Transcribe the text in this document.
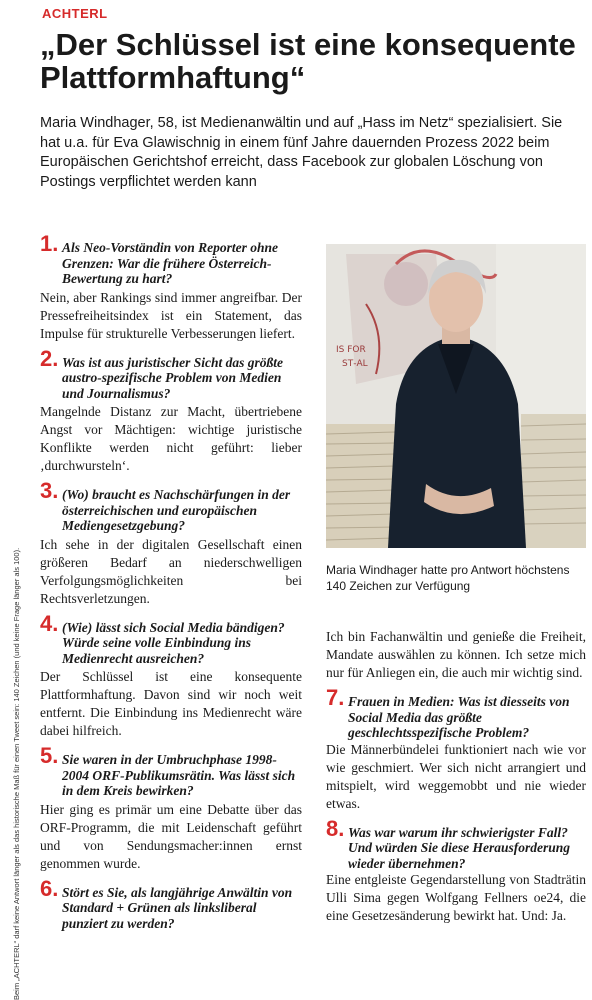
ACHTERL
„Der Schlüssel ist eine konsequente Plattformhaftung“

Maria Windhager, 58, ist Medienanwältin und auf „Hass im Netz“ spezialisiert. Sie hat u.a. für Eva Glawischnig in einem fünf Jahre dauernden Prozess 2022 beim Europäischen Gerichtshof erreicht, dass Facebook zur globalen Löschung von Postings verpflichtet werden kann

Beim „ACHTERL“ darf keine Antwort länger als das historische Maß für einen Tweet sein: 140 Zeichen (und keine Frage länger als 100).

1. Als Neo-Vorständin von Reporter ohne Grenzen: War die frühere Österreich-Bewertung zu hart?

Nein, aber Rankings sind immer angreifbar. Der Pressefreiheitsindex ist ein Statement, das Impulse für strukturelle Verbesserungen liefert.

2. Was ist aus juristischer Sicht das größte austro-spezifische Problem von Medien und Journalismus?

Mangelnde Distanz zur Macht, übertriebene Angst vor Mächtigen: wichtige juristische Konflikte werden nicht geführt: lieber ‚durchwursteln‘.

3. (Wo) braucht es Nachschärfungen in der österreichischen und europäischen Mediengesetzgebung?

Ich sehe in der digitalen Gesellschaft einen größeren Bedarf an niederschwelligen Verfolgungsmöglichkeiten bei Rechtsverletzungen.

4. (Wie) lässt sich Social Media bändigen? Würde seine volle Einbindung ins Medienrecht ausreichen?

Der Schlüssel ist eine konsequente Plattformhaftung. Davon sind wir noch weit entfernt. Die Einbindung ins Medienrecht wäre dabei hilfreich.

5. Sie waren in der Umbruchphase 1998-2004 ORF-Publikumsrätin. Was lässt sich in dem Kreis bewirken?

Hier ging es primär um eine Debatte über das ORF-Programm, die mit Leidenschaft geführt und von Sendungsmacher:innen ernst genommen wurde.

6. Stört es Sie, als langjährige Anwältin von Standard + Grünen als linksliberal punziert zu werden?

IS FOR
ST‑AL
Maria Windhager hatte pro Antwort höchstens 140 Zeichen zur Verfügung

Ich bin Fachanwältin und genieße die Freiheit, Mandate auswählen zu können. Ich setze mich nur für Anliegen ein, die auch mir wichtig sind.

7. Frauen in Medien: Was ist diesseits von Social Media das größte geschlechtsspezifische Problem?

Die Männerbündelei funktioniert nach wie vor wie geschmiert. Wer sich nicht arrangiert und mitspielt, wird weggemobbt und nie wieder etwas.

8. Was war warum ihr schwierigster Fall? Und würden Sie diese Herausforderung wieder übernehmen?

Eine entgleiste Gegendarstellung von Stadträtin Ulli Sima gegen Wolfgang Fellners oe24, die eine Gesetzesänderung bewirkt hat. Und: Ja.
